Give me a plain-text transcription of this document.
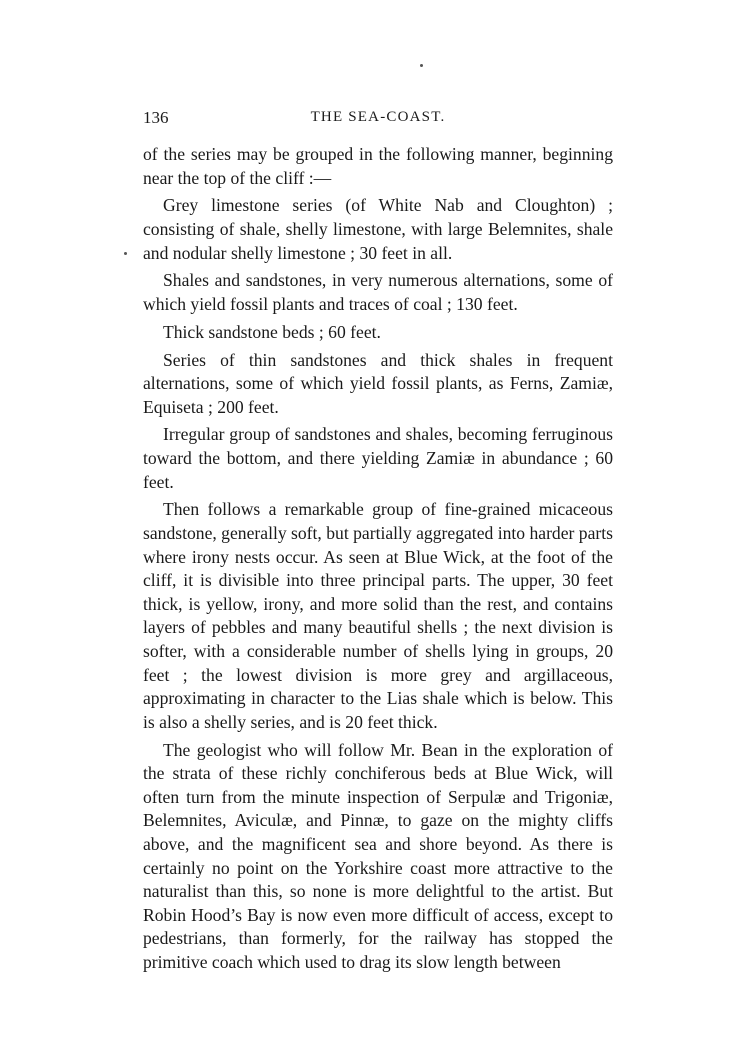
136	THE SEA-COAST.

of the series may be grouped in the following manner, beginning near the top of the cliff :—

Grey limestone series (of White Nab and Cloughton) ; consisting of shale, shelly limestone, with large Belemnites, shale and nodular shelly limestone ; 30 feet in all.

Shales and sandstones, in very numerous alternations, some of which yield fossil plants and traces of coal ; 130 feet.

Thick sandstone beds ; 60 feet.

Series of thin sandstones and thick shales in frequent alternations, some of which yield fossil plants, as Ferns, Zamiæ, Equiseta ; 200 feet.

Irregular group of sandstones and shales, becoming ferruginous toward the bottom, and there yielding Zamiæ in abundance ; 60 feet.

Then follows a remarkable group of fine-grained micaceous sandstone, generally soft, but partially aggregated into harder parts where irony nests occur. As seen at Blue Wick, at the foot of the cliff, it is divisible into three principal parts. The upper, 30 feet thick, is yellow, irony, and more solid than the rest, and contains layers of pebbles and many beautiful shells ; the next division is softer, with a considerable number of shells lying in groups, 20 feet ; the lowest division is more grey and argillaceous, approximating in character to the Lias shale which is below. This is also a shelly series, and is 20 feet thick.

The geologist who will follow Mr. Bean in the exploration of the strata of these richly conchiferous beds at Blue Wick, will often turn from the minute inspection of Serpulæ and Trigoniæ, Belemnites, Aviculæ, and Pinnæ, to gaze on the mighty cliffs above, and the magnificent sea and shore beyond. As there is certainly no point on the Yorkshire coast more attractive to the naturalist than this, so none is more delightful to the artist. But Robin Hood’s Bay is now even more difficult of access, except to pedestrians, than formerly, for the railway has stopped the primitive coach which used to drag its slow length between
